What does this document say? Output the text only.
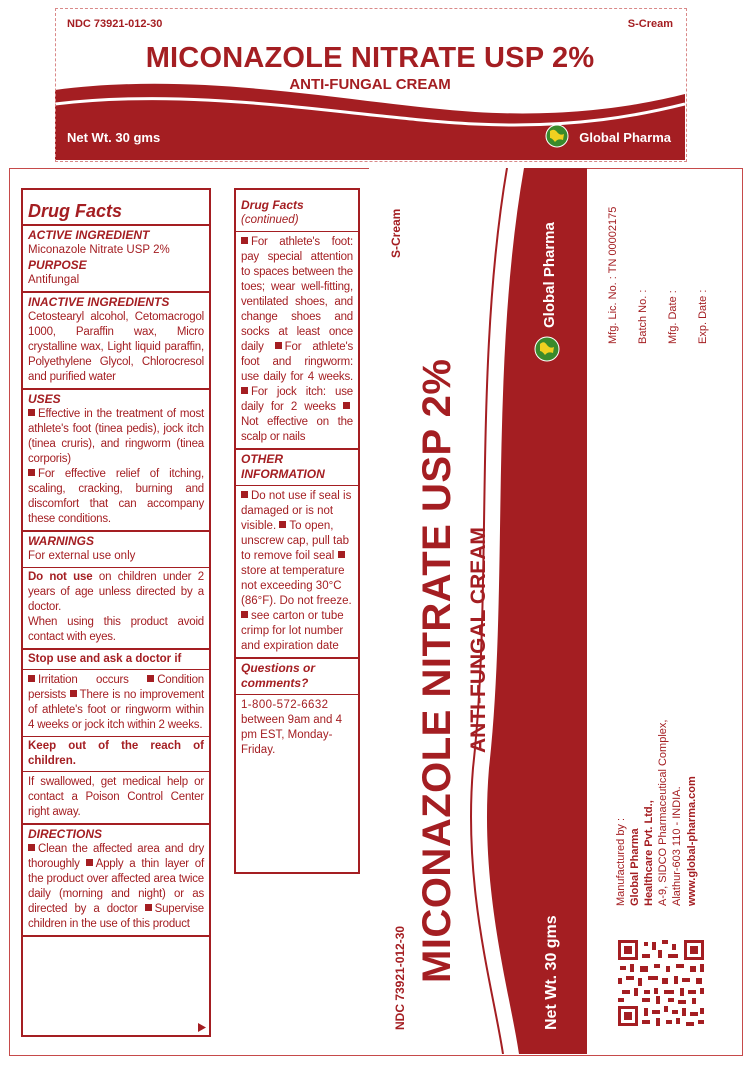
NDC 73921-012-30	S-Cream
MICONAZOLE NITRATE USP 2%
ANTI-FUNGAL CREAM
Net Wt. 30 gms	Global Pharma
Drug Facts

ACTIVE INGREDIENT

Miconazole Nitrate USP 2%

PURPOSE

Antifungal

INACTIVE INGREDIENTS

Cetostearyl alcohol, Cetomacrogol 1000, Paraffin wax, Micro crystalline wax, Light liquid paraffin, Polyethylene Glycol, Chlorocresol and purified water

USES

Effective in the treatment of most athlete's foot (tinea pedis), jock itch (tinea cruris), and ringworm (tinea corporis)

For effective relief of itching, scaling, cracking, burning and discomfort that can accompany these conditions.

WARNINGS

For external use only

Do not use on children under 2 years of age unless directed by a doctor.

When using this product avoid contact with eyes.

Stop use and ask a doctor if

Irritation occurs Condition persists There is no improvement of athlete's foot or ringworm within 4 weeks or jock itch within 2 weeks.

Keep out of the reach of children.

If swallowed, get medical help or contact a Poison Control Center right away.

DIRECTIONS

Clean the affected area and dry thoroughly Apply a thin layer of the product over affected area twice daily (morning and night) or as directed by a doctor Supervise children in the use of this product

Drug Facts

(continued)

For athlete's foot: pay special attention to spaces between the toes; wear well-fitting, ventilated shoes, and change shoes and socks at least once daily For athlete's foot and ringworm: use daily for 4 weeks. For jock itch: use daily for 2 weeks Not effective on the scalp or nails

OTHER

INFORMATION

Do not use if seal is damaged or is not visible. To open, unscrew cap, pull tab to remove foil seal store at temperature not exceeding 30°C (86°F). Do not freeze. see carton or tube crimp for lot number and expiration date

Questions or

comments?

1-800-572-6632

between 9am and 4 pm EST, Monday-Friday.

S-Cream
MICONAZOLE NITRATE USP 2% ANTI-FUNGAL CREAM
NDC 73921-012-30
Global Pharma
Net Wt. 30 gms
Mfg. Lic. No. : TN 00002175
Batch No. : Mfg. Date : Exp. Date :
Manufactured by : Global Pharma Healthcare Pvt. Ltd., A-9, SIDCO Pharmaceutical Complex, Alathur-603 110 - INDIA. www.global-pharma.com
